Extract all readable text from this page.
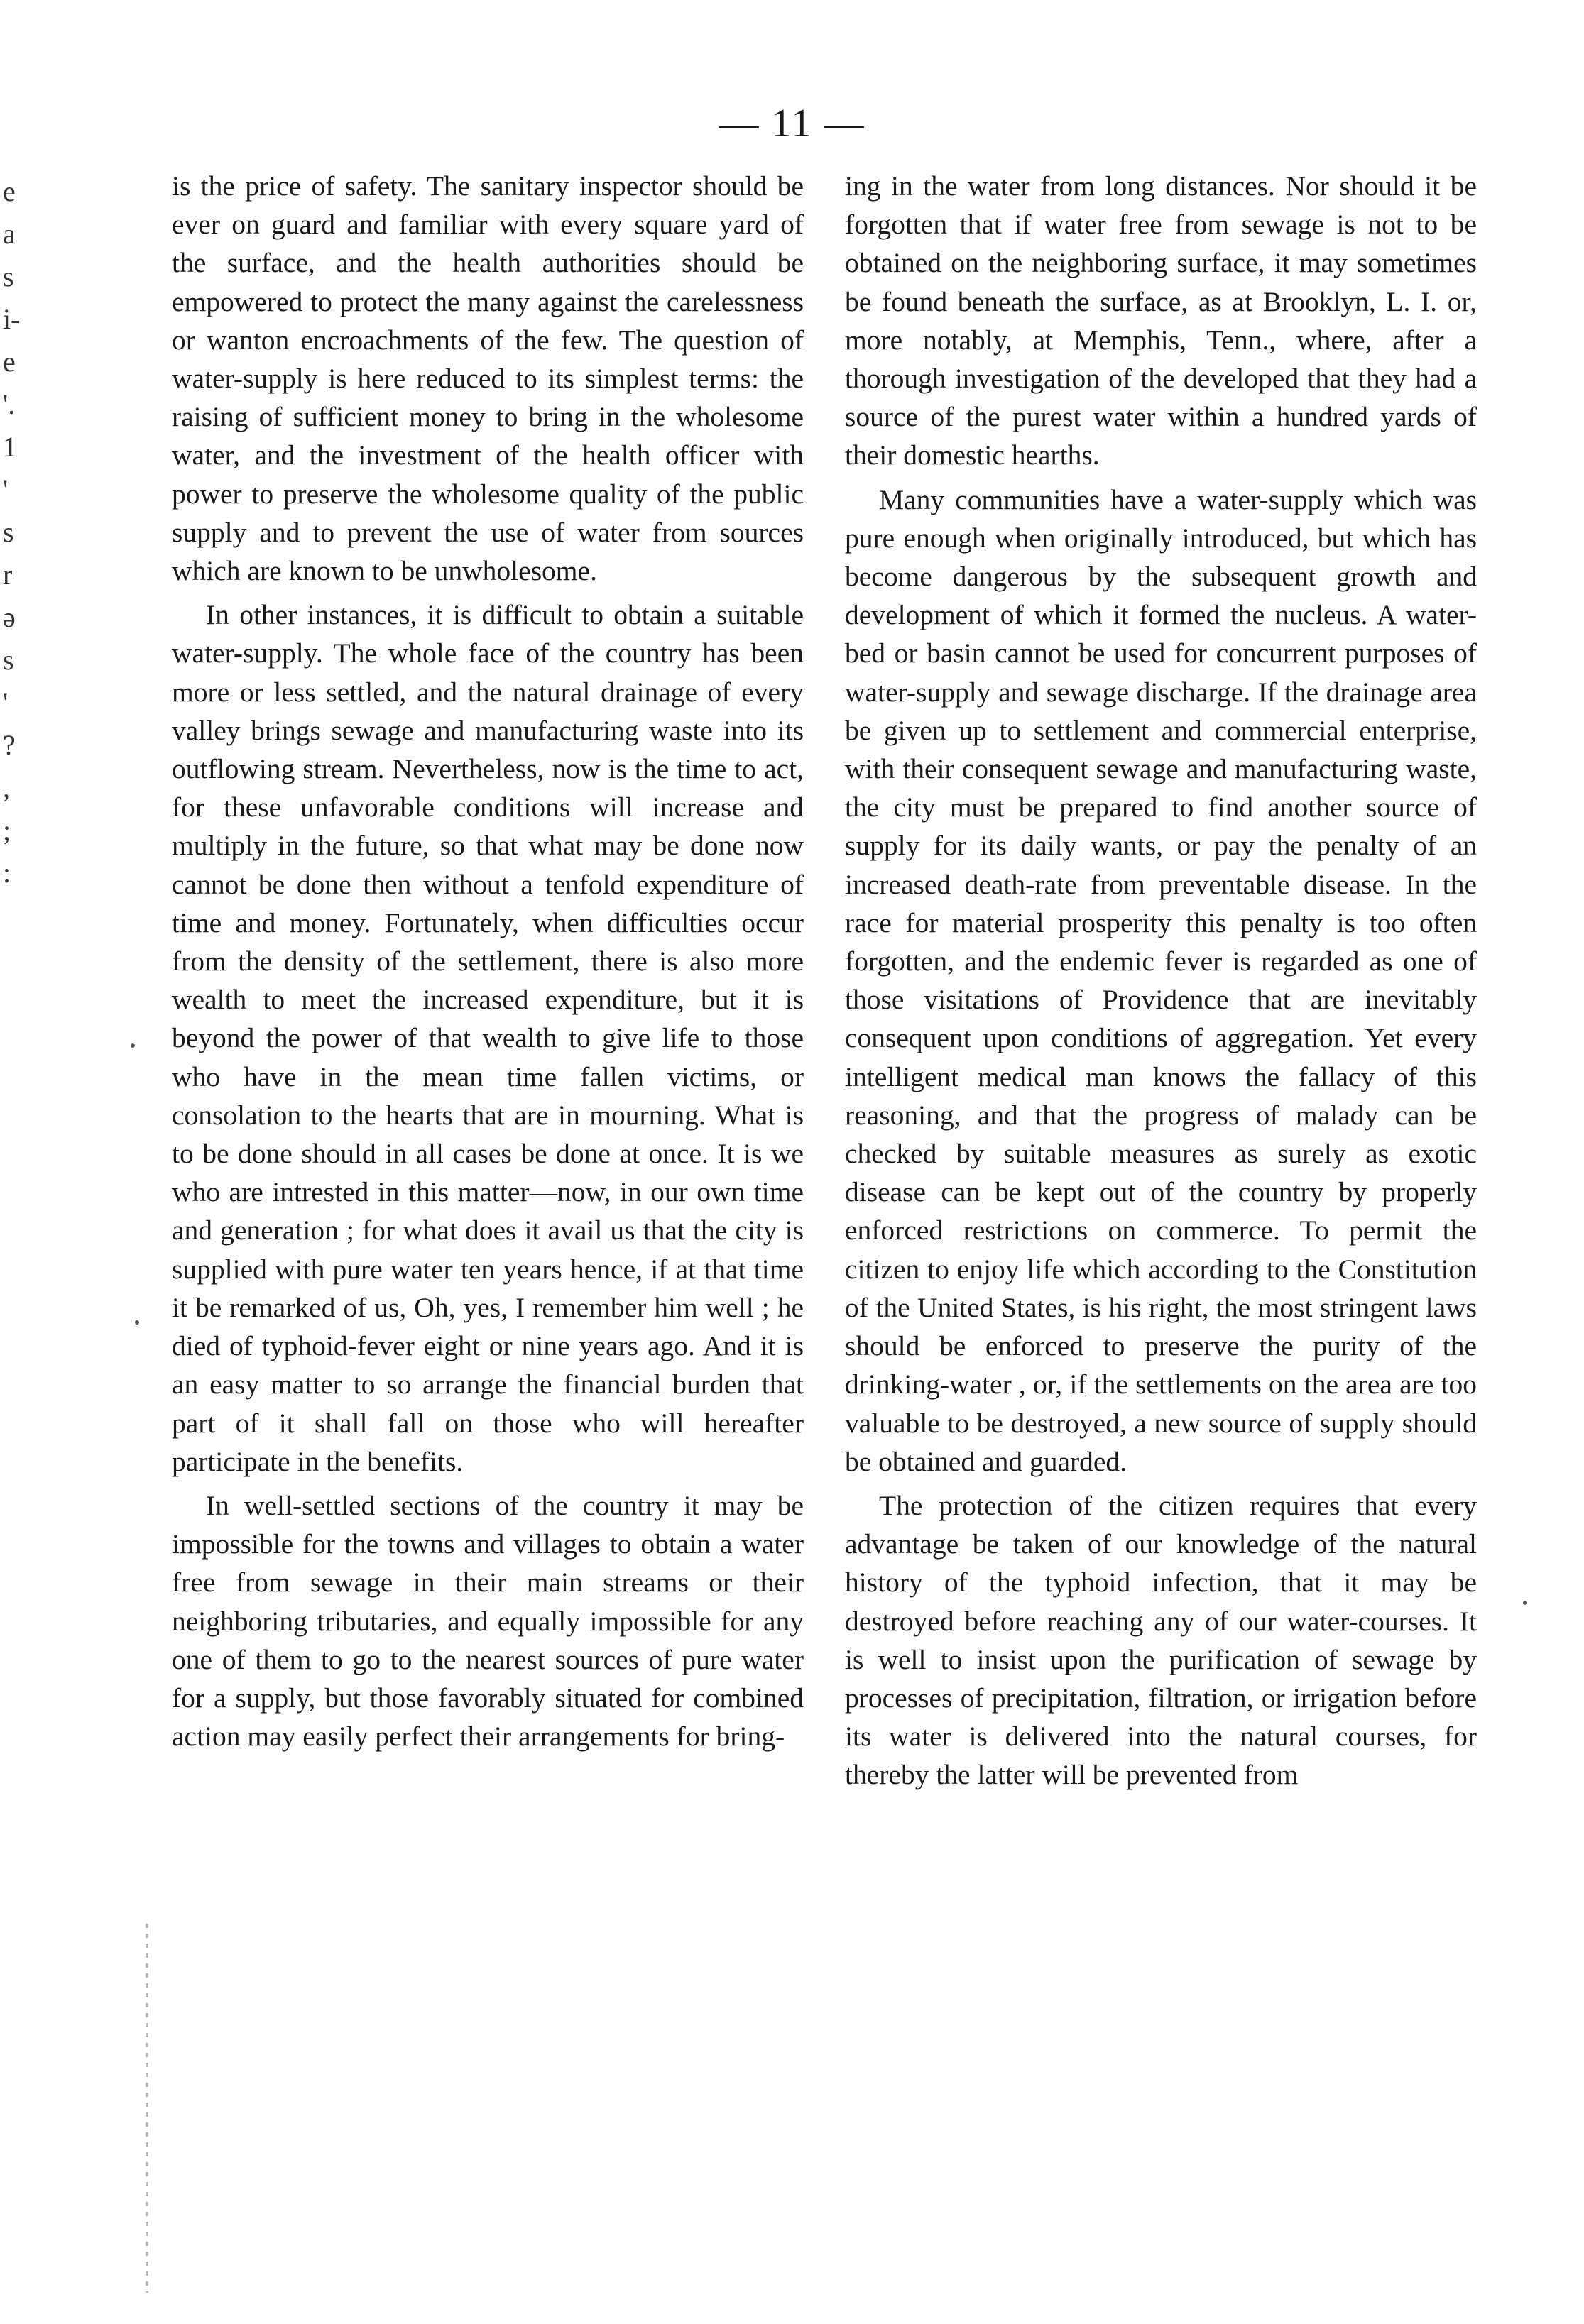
— 11 —
e
a
s
i-
e
'.
1
'
s
r
ə
s
'
?
,
;
:

is the price of safety. The sanitary inspector should be ever on guard and familiar with every square yard of the surface, and the health authorities should be empowered to protect the many against the carelessness or wanton encroachments of the few. The question of water-supply is here reduced to its simplest terms: the raising of sufficient money to bring in the wholesome water, and the investment of the health officer with power to preserve the wholesome quality of the public supply and to prevent the use of water from sources which are known to be unwholesome.

In other instances, it is difficult to obtain a suitable water-supply. The whole face of the country has been more or less settled, and the natural drainage of every valley brings sewage and manufacturing waste into its outflowing stream. Nevertheless, now is the time to act, for these unfavorable conditions will increase and multiply in the future, so that what may be done now cannot be done then without a tenfold expenditure of time and money. Fortunately, when difficulties occur from the density of the settlement, there is also more wealth to meet the increased expenditure, but it is beyond the power of that wealth to give life to those who have in the mean time fallen victims, or consolation to the hearts that are in mourning. What is to be done should in all cases be done at once. It is we who are intrested in this matter—now, in our own time and generation ; for what does it avail us that the city is supplied with pure water ten years hence, if at that time it be remarked of us, Oh, yes, I remember him well ; he died of typhoid-fever eight or nine years ago. And it is an easy matter to so arrange the financial burden that part of it shall fall on those who will hereafter participate in the benefits.

In well-settled sections of the country it may be impossible for the towns and villages to obtain a water free from sewage in their main streams or their neighboring tributaries, and equally impossible for any one of them to go to the nearest sources of pure water for a supply, but those favorably situated for combined action may easily perfect their arrangements for bring-

ing in the water from long distances. Nor should it be forgotten that if water free from sewage is not to be obtained on the neighboring surface, it may sometimes be found beneath the surface, as at Brooklyn, L. I. or, more notably, at Memphis, Tenn., where, after a thorough investigation of the developed that they had a source of the purest water within a hundred yards of their domestic hearths.

Many communities have a water-supply which was pure enough when originally introduced, but which has become dangerous by the subsequent growth and development of which it formed the nucleus. A water-bed or basin cannot be used for concurrent purposes of water-supply and sewage discharge. If the drainage area be given up to settlement and commercial enterprise, with their consequent sewage and manufacturing waste, the city must be prepared to find another source of supply for its daily wants, or pay the penalty of an increased death-rate from preventable disease. In the race for material prosperity this penalty is too often forgotten, and the endemic fever is regarded as one of those visitations of Providence that are inevitably consequent upon conditions of aggregation. Yet every intelligent medical man knows the fallacy of this reasoning, and that the progress of malady can be checked by suitable measures as surely as exotic disease can be kept out of the country by properly enforced restrictions on commerce. To permit the citizen to enjoy life which according to the Constitution of the United States, is his right, the most stringent laws should be enforced to preserve the purity of the drinking-water , or, if the settlements on the area are too valuable to be destroyed, a new source of supply should be obtained and guarded.

The protection of the citizen requires that every advantage be taken of our knowledge of the natural history of the typhoid infection, that it may be destroyed before reaching any of our water-courses. It is well to insist upon the purification of sewage by processes of precipitation, filtration, or irrigation before its water is delivered into the natural courses, for thereby the latter will be prevented from
